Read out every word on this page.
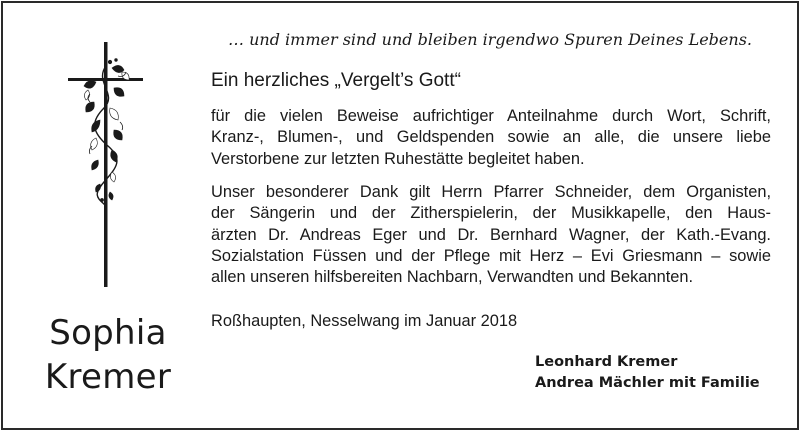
Sophia
Kremer
… und immer sind und bleiben irgendwo Spuren Deines Lebens.
Ein herzliches „Vergelt’s Gott“
für die vielen Beweise aufrichtiger Anteilnahme durch Wort, Schrift,
Kranz-, Blumen-, und Geldspenden sowie an alle, die unsere liebe
Verstorbene zur letzten Ruhestätte begleitet haben.
Unser besonderer Dank gilt Herrn Pfarrer Schneider, dem Organisten,
der Sängerin und der Zitherspielerin, der Musikkapelle, den Haus-
ärzten Dr. Andreas Eger und Dr. Bernhard Wagner, der Kath.-Evang.
Sozialstation Füssen und der Pflege mit Herz – Evi Griesmann – sowie
allen unseren hilfsbereiten Nachbarn, Verwandten und Bekannten.
Roßhaupten, Nesselwang im Januar 2018
Leonhard Kremer
Andrea Mächler mit Familie
